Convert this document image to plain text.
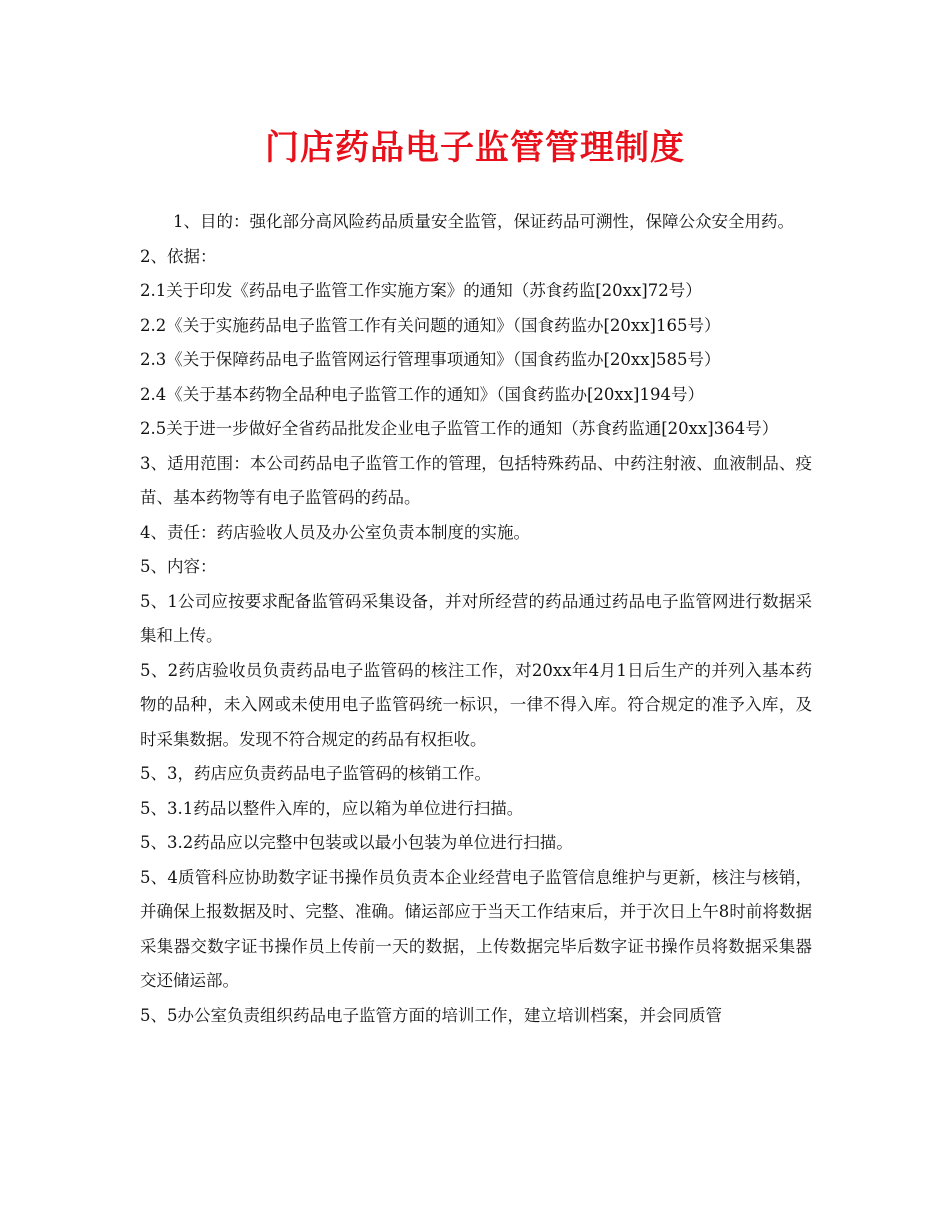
门店药品电子监管管理制度

1、目的：强化部分高风险药品质量安全监管，保证药品可溯性，保障公众安全用药。

2、依据：

2.1关于印发《药品电子监管工作实施方案》的通知（苏食药监[20xx]72号）

2.2《关于实施药品电子监管工作有关问题的通知》（国食药监办[20xx]165号）

2.3《关于保障药品电子监管网运行管理事项通知》（国食药监办[20xx]585号）

2.4《关于基本药物全品种电子监管工作的通知》（国食药监办[20xx]194号）

2.5关于进一步做好全省药品批发企业电子监管工作的通知（苏食药监通[20xx]364号）

3、适用范围：本公司药品电子监管工作的管理，包括特殊药品、中药注射液、血液制品、疫苗、基本药物等有电子监管码的药品。

4、责任：药店验收人员及办公室负责本制度的实施。

5、内容：

5、1公司应按要求配备监管码采集设备，并对所经营的药品通过药品电子监管网进行数据采集和上传。

5、2药店验收员负责药品电子监管码的核注工作，对20xx年4月1日后生产的并列入基本药物的品种，未入网或未使用电子监管码统一标识，一律不得入库。符合规定的准予入库，及时采集数据。发现不符合规定的药品有权拒收。

5、3，药店应负责药品电子监管码的核销工作。

5、3.1药品以整件入库的，应以箱为单位进行扫描。

5、3.2药品应以完整中包装或以最小包装为单位进行扫描。

5、4质管科应协助数字证书操作员负责本企业经营电子监管信息维护与更新，核注与核销，并确保上报数据及时、完整、准确。储运部应于当天工作结束后，并于次日上午8时前将数据采集器交数字证书操作员上传前一天的数据，上传数据完毕后数字证书操作员将数据采集器交还储运部。

5、5办公室负责组织药品电子监管方面的培训工作，建立培训档案，并会同质管
